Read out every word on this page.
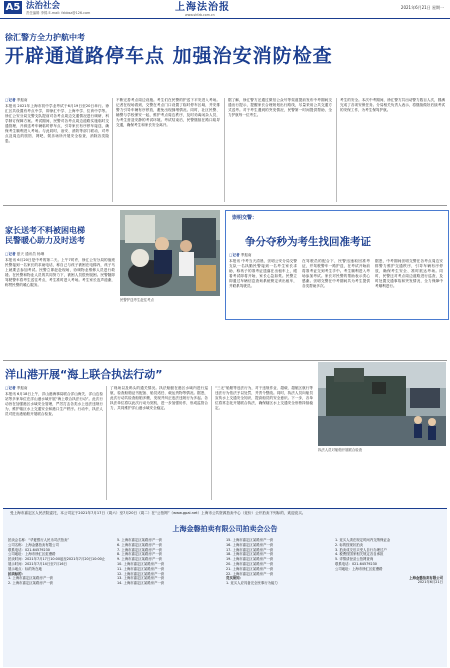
A5 法治社会
责任编辑 李锦 E-mail: fzbbsz@126.com	上海法治报
www.shfzb.com.cn
2021年6月21日 星期一
徐汇警方全力护航中考
开辟通道路停车点 加强治安消防检查
□记者 季振南
本报讯 2021年上海市初中学业考试于6月19日至20日举行。徐汇区共设置有考点中学，即徐汇中学、上海中学、位育中学等。徐汇公安分局交警支队提前对各考点周边交通情况进行调研，科学制订保障方案。考试期间，民警对各考点周边道路实施临时交通管理，开辟送考车辆临时停车点，引导家长有序停车接送，确保考生顺利进入考场。与此同时，治安、消防等部门联动，对考点及周边的旅馆、网吧、娱乐场所开展安全检查，消除各类隐患。
不断完善考点周边设施。考生们在民警的护送下平安进入考场。记者在现场看到，交警在考点门口设置了临时停车区域，并安排警力引导车辆有序停放，避免出现拥堵情况。同时，社区民警、辅警与学校保安一起，维护考点周边秩序，及时劝离闲杂人员，为考生营造安静的考试环境。考试结束后，民警继续在路口疏导交通，确保考生和家长安全离开。
据了解，徐汇警方还通过微信公众号等渠道提前发布中考期间交通出行提示，提醒家长合理规划出行路线，尽量采用公共交通方式送考。对于考生遇到的突发情况，民警第一时间提供帮助，全力护航每一位考生。
考生的安全。本次中考期间，徐汇警方共出动警力数百人次，圆满完成了各项安保任务。分局相关负责人表示，将继续做好后续考试的安保工作，为考生保驾护航。
家长送考不料被困电梯
民警暖心助力及时送考
□记者 夏天 通讯员 杨琳
本报讯 6月20日是中考的第二天。上午7时许，徐汇公安分局的值班民警接到一名家长的求助电话，称自己与孩子被困在电梯内，孩子马上就要去参加考试。民警立即赶赴现场，协调物业维修人员进行救援。在民警和物业人员的共同努力下，被困人员很快脱困。民警随即驾驶警车将考生送往考点，考生准时进入考场。考生家长连声道谢，称赞民警的暖心服务。
民警护送考生赶往考点
崇明交警：
争分夺秒为考生找回准考证
□记者 季振南
本报讯 中考当天清晨，崇明公安分局交警支队一名执勤民警接到一名考生家长求助，称孩子的准考证遗落在出租车上，眼看考试即将开始，家长心急如焚。民警立即通过车辆信息查询系统锁定该出租车，并联系驾驶员。
在驾驶员的配合下，民警迅速取回准考证，并驾驶警车一路护送，在考试开始前将准考证交到考生手中。考生顺利进入考场参加考试。家长对民警的帮助表示衷心感谢。崇明交警在中考期间共为考生提供各类帮助多次。
据悉，中考期间崇明交警在各考点周边安排警力维护交通秩序，引导车辆有序停放，确保考生安全、准时抵达考场。同时，民警还对考点周边道路进行巡查，及时处置交通事故和突发情况，全力保障中考顺利进行。
洋山港开展“海上联合执法行动”
□记者 季振南
本报讯 6月18日上午，洋山港海事局联合洋山海关、洋山边检站等多家单位在洋山港水域开展“海上联合执法行动”。此次行动旨在加强港区水域安全管理，严厉打击各类水上违法违规行为，维护辖区水上交通安全和港口生产秩序。行动中，执法人员对进出港船舶开展联合检查。
了现场以及码头的通关情况。执法船艇在港区水域内进行巡航，检查船舶证书配备、船员适任、载运货物等情况。据悉，此次行动共检查船舶多艘，发现并纠正违法违规行为多起。各执法单位将以此次行动为契机，进一步加强协作，形成监管合力，共同维护洋山港水域安全稳定。
“三无”船舶等违法行为，对于违规作业、超载、超航区航行等违法行为依法予以处罚，并责令整改。同时，执法人员向船员宣传水上交通安全知识，提高船员的安全意识。下一步，各单位将常态化开展联合执法，确保辖区水上交通安全形势持续稳定。
执法人员对船舶开展联合检查
受上海市嘉定区人民法院委托，本公司定于2021年7月17日（周六）至7月20日（周二）在“公拍网”（www.gpai.net）上海市公共资源拍卖中心（竞价）公开拍卖下列标的，欢迎竞买。
上海金磐拍卖有限公司拍卖会公告
拍卖会名称：“华夏银行人民币司法拍卖”
公司名称：上海金磐拍卖有限公司
联系电话：021-64579230
公司地址：上海市徐汇区虹漕路
拍卖时间：2021年7月17日10:00起至2021年7月20日10:00止
展示时间：2021年7月14日至7月16日
展示地点：标的所在地
拍卖标的：
1. 上海市嘉定区某路房产一套
2. 上海市嘉定区某路房产一套
5. 上海市嘉定区某路房产一套
6. 上海市嘉定区某路房产一套
7. 上海市嘉定区某路房产一套
8. 上海市嘉定区某路房产一套
9. 上海市嘉定区某路房产一套
10. 上海市嘉定区某路房产一套
11. 上海市嘉定区某路房产一套
12. 上海市嘉定区某路房产一套
13. 上海市嘉定区某路房产一套
14. 上海市嘉定区某路房产一套
15. 上海市嘉定区某路房产一套
16. 上海市嘉定区某路房产一套
17. 上海市嘉定区某路房产一套
18. 上海市嘉定区某路房产一套
19. 上海市嘉定区某路房产一套
20. 上海市嘉定区某路房产一套
21. 上海市嘉定区某路房产一套
22. 上海市嘉定区某路房产一套
竞买须知：
1. 竞买人应具备完全民事行为能力
1. 竞买人须在规定时间内交纳保证金
2. 标的按现状拍卖
3. 拍卖成交后买受人自行办理过户
4. 税费按国家相关规定各自承担
5. 详情请登录公拍网查询
联系电话：021-64579230
公司地址：上海市徐汇区虹漕路
上海金磐拍卖有限公司
2021年6月21日
